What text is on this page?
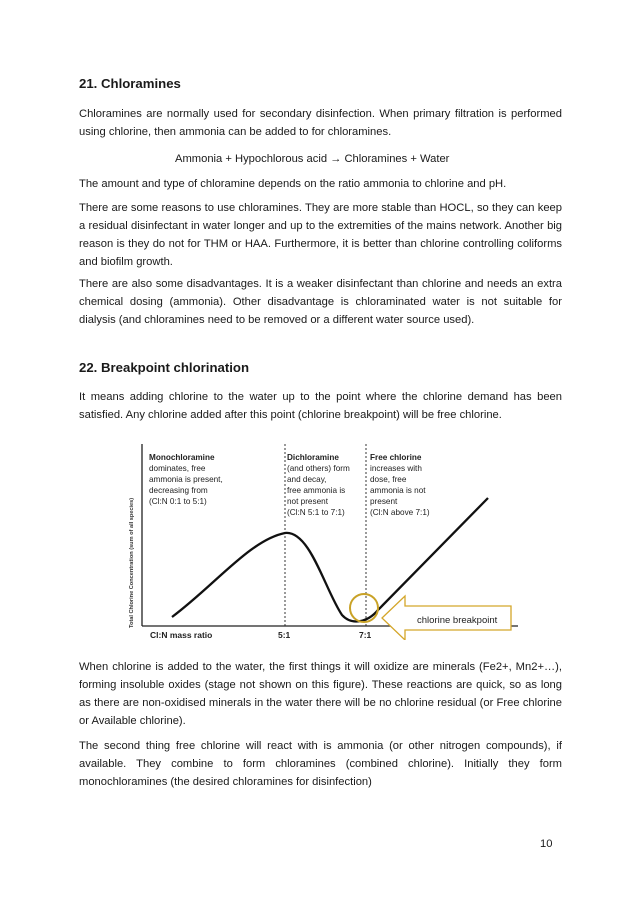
21. Chloramines

Chloramines are normally used for secondary disinfection. When primary filtration is performed using chlorine, then ammonia can be added to for chloramines.

Ammonia + Hypochlorous acid → Chloramines + Water

The amount and type of chloramine depends on the ratio ammonia to chlorine and pH.

There are some reasons to use chloramines. They are more stable than HOCL, so they can keep a residual disinfectant in water longer and up to the extremities of the mains network. Another big reason is they do not for THM or HAA. Furthermore, it is better than chlorine controlling coliforms and biofilm growth.

There are also some disadvantages. It is a weaker disinfectant than chlorine and needs an extra chemical dosing (ammonia). Other disadvantage is chloraminated water is not suitable for dialysis (and chloramines need to be removed or a different water source used).

22. Breakpoint chlorination

It means adding chlorine to the water up to the point where the chlorine demand has been satisfied. Any chlorine added after this point (chlorine breakpoint) will be free chlorine.

Total Chlorine Concentration (sum of all species)
Cl:N mass ratio	5:1	7:1
Monochloramine
dominates, free
ammonia is present,
decreasing from
(Cl:N 0:1 to 5:1)
Dichloramine
(and others) form
and decay,
free ammonia is
not present
(Cl:N 5:1 to 7:1)
Free chlorine
increases with
dose, free
ammonia is not
present
(Cl:N above 7:1)
chlorine breakpoint

When chlorine is added to the water, the first things it will oxidize are minerals (Fe2+, Mn2+…), forming insoluble oxides (stage not shown on this figure). These reactions are quick, so as long as there are non-oxidised minerals in the water there will be no chlorine residual (or Free chlorine or Available chlorine).

The second thing free chlorine will react with is ammonia (or other nitrogen compounds), if available. They combine to form chloramines (combined chlorine). Initially they form monochloramines (the desired chloramines for disinfection)

10
